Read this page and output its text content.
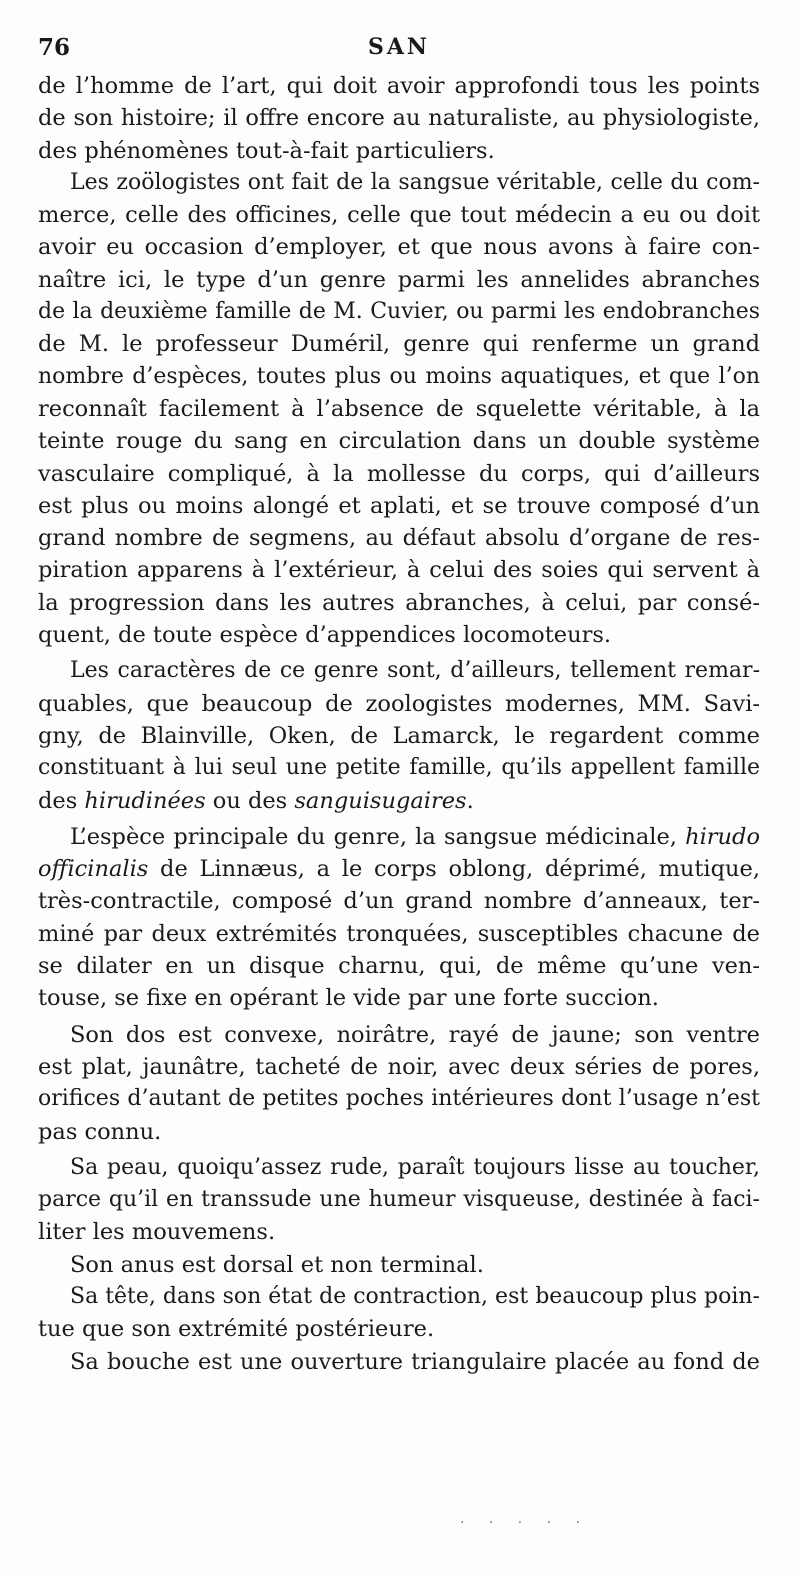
76	SAN
de l’homme de l’art, qui doit avoir approfondi tous les points
de son histoire; il offre encore au naturaliste, au physiologiste,
des phénomènes tout-à-fait particuliers.
Les zoölogistes ont fait de la sangsue véritable, celle du com-
merce, celle des officines, celle que tout médecin a eu ou doit
avoir eu occasion d’employer, et que nous avons à faire con-
naître ici, le type d’un genre parmi les annelides abranches
de la deuxième famille de M. Cuvier, ou parmi les endobranches
de M. le professeur Duméril, genre qui renferme un grand
nombre d’espèces, toutes plus ou moins aquatiques, et que l’on
reconnaît facilement à l’absence de squelette véritable, à la
teinte rouge du sang en circulation dans un double système
vasculaire compliqué, à la mollesse du corps, qui d’ailleurs
est plus ou moins alongé et aplati, et se trouve composé d’un
grand nombre de segmens, au défaut absolu d’organe de res-
piration apparens à l’extérieur, à celui des soies qui servent à
la progression dans les autres abranches, à celui, par consé-
quent, de toute espèce d’appendices locomoteurs.
Les caractères de ce genre sont, d’ailleurs, tellement remar-
quables, que beaucoup de zoologistes modernes, MM. Savi-
gny, de Blainville, Oken, de Lamarck, le regardent comme
constituant à lui seul une petite famille, qu’ils appellent famille
des hirudinées ou des sanguisugaires.
L’espèce principale du genre, la sangsue médicinale, hirudo
officinalis de Linnæus, a le corps oblong, déprimé, mutique,
très-contractile, composé d’un grand nombre d’anneaux, ter-
miné par deux extrémités tronquées, susceptibles chacune de
se dilater en un disque charnu, qui, de même qu’une ven-
touse, se fixe en opérant le vide par une forte succion.
Son dos est convexe, noirâtre, rayé de jaune; son ventre
est plat, jaunâtre, tacheté de noir, avec deux séries de pores,
orifices d’autant de petites poches intérieures dont l’usage n’est
pas connu.
Sa peau, quoiqu’assez rude, paraît toujours lisse au toucher,
parce qu’il en transsude une humeur visqueuse, destinée à faci-
liter les mouvemens.
Son anus est dorsal et non terminal.
Sa tête, dans son état de contraction, est beaucoup plus poin-
tue que son extrémité postérieure.
Sa bouche est une ouverture triangulaire placée au fond de
· · · · ·
